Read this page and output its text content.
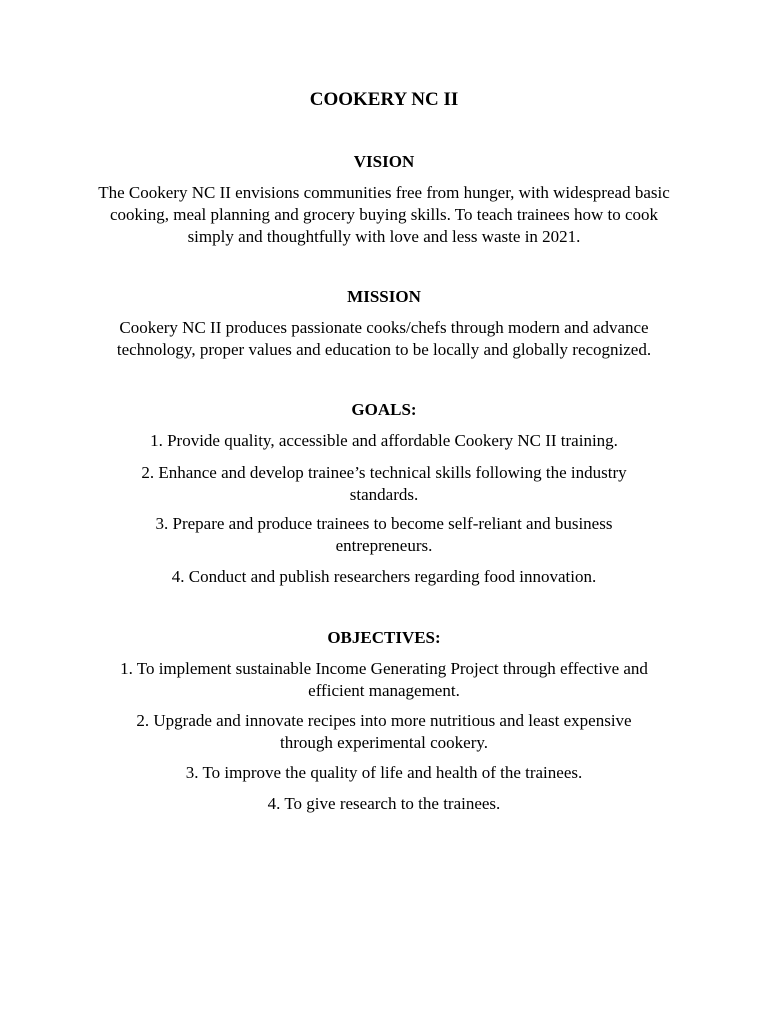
COOKERY NC II
VISION

The Cookery NC II envisions communities free from hunger, with widespread basic cooking, meal planning and grocery buying skills. To teach trainees how to cook simply and thoughtfully with love and less waste in 2021.

MISSION

Cookery NC II produces passionate cooks/chefs through modern and advance technology, proper values and education to be locally and globally recognized.

GOALS:

1. Provide quality, accessible and affordable Cookery NC II training.

2. Enhance and develop trainee’s technical skills following the industry standards.

3. Prepare and produce trainees to become self-reliant and business entrepreneurs.

4. Conduct and publish researchers regarding food innovation.

OBJECTIVES:

1. To implement sustainable Income Generating Project through effective and efficient management.

2. Upgrade and innovate recipes into more nutritious and least expensive through experimental cookery.

3. To improve the quality of life and health of the trainees.

4. To give research to the trainees.
